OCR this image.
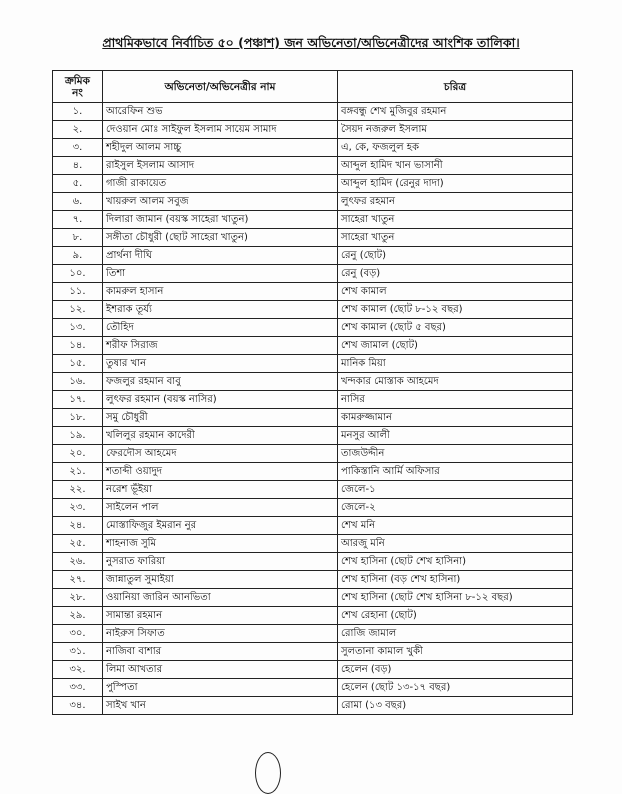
প্রাথমিকভাবে নির্বাচিত ৫০ (পঞ্চাশ) জন অভিনেতা/অভিনেত্রীদের আংশিক তালিকা।
ক্রমিক
নং	অভিনেতা/অভিনেত্রীর নাম	চরিত্র
১.	আরেফিন শুভ	বঙ্গবন্ধু শেখ মুজিবুর রহমান
২.	দেওয়ান মোঃ সাইফুল ইসলাম সায়েম সামাদ	সৈয়দ নজরুল ইসলাম
৩.	শহীদুল আলম সাচ্চু	এ, কে, ফজলুল হক
৪.	রাইসুল ইসলাম আসাদ	আব্দুল হামিদ খান ভাসানী
৫.	গাজী রাকায়েত	আব্দুল হামিদ (রেনুর দাদা)
৬.	খায়রুল আলম সবুজ	লুৎফর রহমান
৭.	দিলারা জামান (বয়স্ক সাহেরা খাতুন)	সাহেরা খাতুন
৮.	সঙ্গীতা চৌধুরী (ছোট সাহেরা খাতুন)	সাহেরা খাতুন
৯.	প্রার্থনা দীঘি	রেনু (ছোট)
১০.	তিশা	রেনু (বড়)
১১.	কামরুল হাসান	শেখ কামাল
১২.	ইশরাক তূর্য্য	শেখ কামাল (ছোট ৮-১২ বছর)
১৩.	তৌহিদ	শেখ কামাল (ছোট ৫ বছর)
১৪.	শরীফ সিরাজ	শেখ জামাল (ছোট)
১৫.	তুষার খান	মানিক মিয়া
১৬.	ফজলুর রহমান বাবু	খন্দকার মোস্তাক আহমেদ
১৭.	লুৎফর রহমান (বয়স্ক নাসির)	নাসির
১৮.	সমু চৌধুরী	কামরুজ্জামান
১৯.	খলিলুর রহমান কাদেরী	মনসুর আলী
২০.	ফেরদৌস আহমেদ	তাজউদ্দীন
২১.	শতাব্দী ওয়াদুদ	পাকিস্তানি আর্মি অফিসার
২২.	নরেশ ভূঁইয়া	জেলে-১
২৩.	সাইলেন পাল	জেলে-২
২৪.	মোস্তাফিজুর ইমরান নুর	শেখ মনি
২৫.	শাহনাজ সুমি	আরজু মনি
২৬.	নুসরাত ফারিয়া	শেখ হাসিনা (ছোট শেখ হাসিনা)
২৭.	জান্নাতুল সুমাইয়া	শেখ হাসিনা (বড় শেখ হাসিনা)
২৮.	ওয়ানিয়া জারিন আনভিতা	শেখ হাসিনা (ছোট শেখ হাসিনা ৮-১২ বছর)
২৯.	সামান্তা রহমান	শেখ রেহানা (ছোট)
৩০.	নাইরুস সিফাত	রোজি জামাল
৩১.	নাজিবা বাশার	সুলতানা কামাল খুকী
৩২.	লিমা আখতার	হেলেন (বড়)
৩৩.	পুস্পিতা	হেলেন (ছোট ১৩-১৭ বছর)
৩৪.	সাইখ খান	রোমা (১৩ বছর)
